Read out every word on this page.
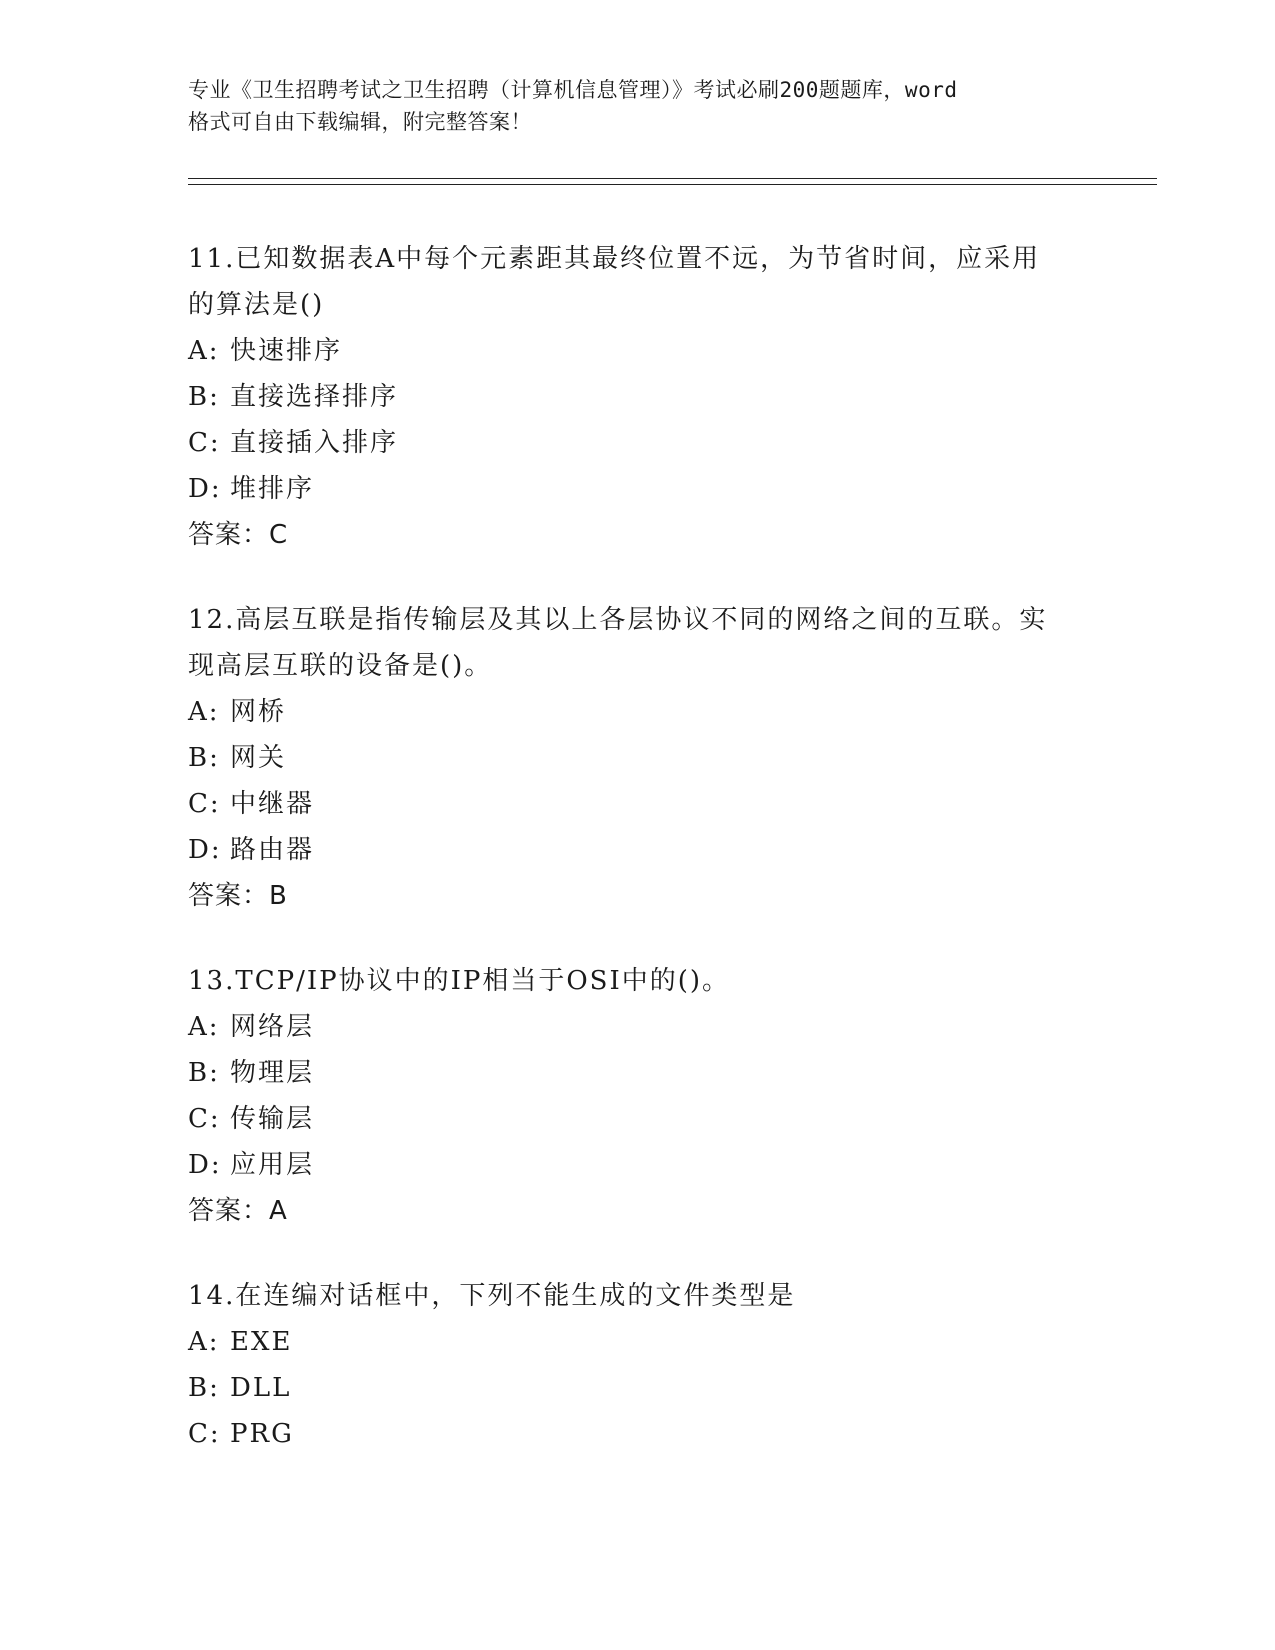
专业《卫生招聘考试之卫生招聘（计算机信息管理）》考试必刷200题题库，word
格式可自由下载编辑，附完整答案！
11.已知数据表A中每个元素距其最终位置不远，为节省时间，应采用
的算法是()
A: 快速排序
B: 直接选择排序
C: 直接插入排序
D: 堆排序
答案：C
12.高层互联是指传输层及其以上各层协议不同的网络之间的互联。实
现高层互联的设备是()。
A: 网桥
B: 网关
C: 中继器
D: 路由器
答案：B
13.TCP/IP协议中的IP相当于OSI中的()。
A: 网络层
B: 物理层
C: 传输层
D: 应用层
答案：A
14.在连编对话框中，下列不能生成的文件类型是
A: EXE
B: DLL
C: PRG
